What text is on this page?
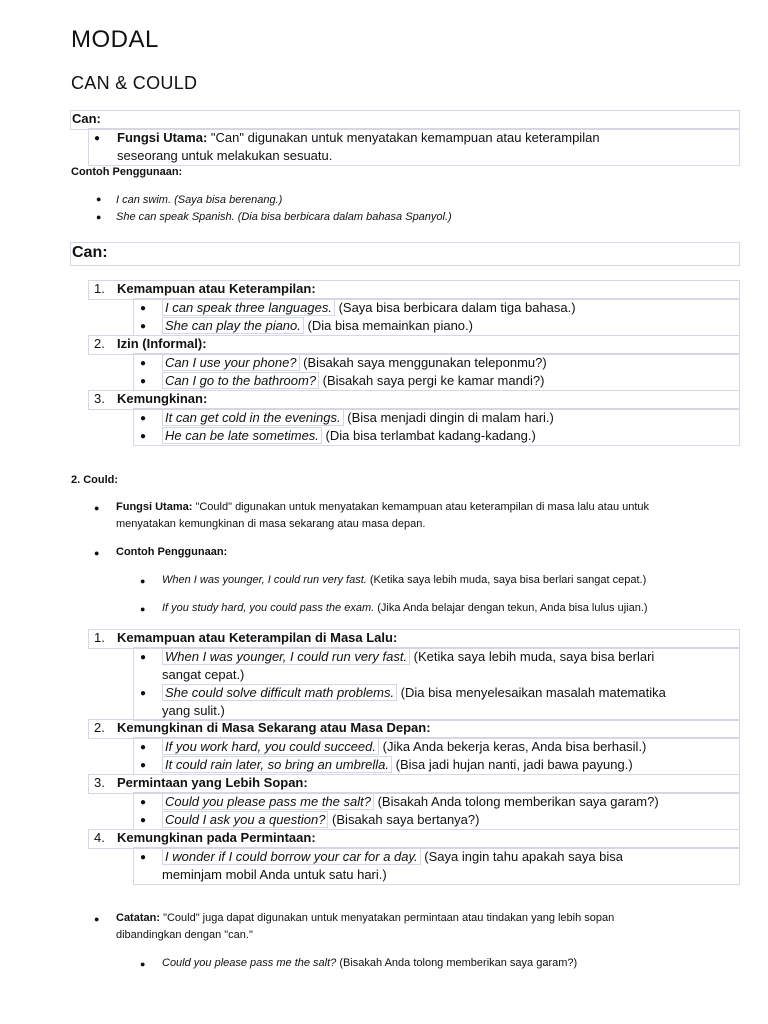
MODAL
CAN & COULD
Can:
● Fungsi Utama: "Can" digunakan untuk menyatakan kemampuan atau keterampilan
seseorang untuk melakukan sesuatu.
Contoh Penggunaan:
● I can swim. (Saya bisa berenang.)
● She can speak Spanish. (Dia bisa berbicara dalam bahasa Spanyol.)
Can:
1. Kemampuan atau Keterampilan:
● I can speak three languages. (Saya bisa berbicara dalam tiga bahasa.)
● She can play the piano. (Dia bisa memainkan piano.)
2. Izin (Informal):
● Can I use your phone? (Bisakah saya menggunakan teleponmu?)
● Can I go to the bathroom? (Bisakah saya pergi ke kamar mandi?)
3. Kemungkinan:
● It can get cold in the evenings. (Bisa menjadi dingin di malam hari.)
● He can be late sometimes. (Dia bisa terlambat kadang-kadang.)
2. Could:
● Fungsi Utama: "Could" digunakan untuk menyatakan kemampuan atau keterampilan di masa lalu atau untuk
menyatakan kemungkinan di masa sekarang atau masa depan.
● Contoh Penggunaan:
● When I was younger, I could run very fast. (Ketika saya lebih muda, saya bisa berlari sangat cepat.)
● If you study hard, you could pass the exam. (Jika Anda belajar dengan tekun, Anda bisa lulus ujian.)
1. Kemampuan atau Keterampilan di Masa Lalu:
● When I was younger, I could run very fast. (Ketika saya lebih muda, saya bisa berlari
sangat cepat.)
● She could solve difficult math problems. (Dia bisa menyelesaikan masalah matematika
yang sulit.)
2. Kemungkinan di Masa Sekarang atau Masa Depan:
● If you work hard, you could succeed. (Jika Anda bekerja keras, Anda bisa berhasil.)
● It could rain later, so bring an umbrella. (Bisa jadi hujan nanti, jadi bawa payung.)
3. Permintaan yang Lebih Sopan:
● Could you please pass me the salt? (Bisakah Anda tolong memberikan saya garam?)
● Could I ask you a question? (Bisakah saya bertanya?)
4. Kemungkinan pada Permintaan:
● I wonder if I could borrow your car for a day. (Saya ingin tahu apakah saya bisa
meminjam mobil Anda untuk satu hari.)
● Catatan: "Could" juga dapat digunakan untuk menyatakan permintaan atau tindakan yang lebih sopan
dibandingkan dengan "can."
● Could you please pass me the salt? (Bisakah Anda tolong memberikan saya garam?)
